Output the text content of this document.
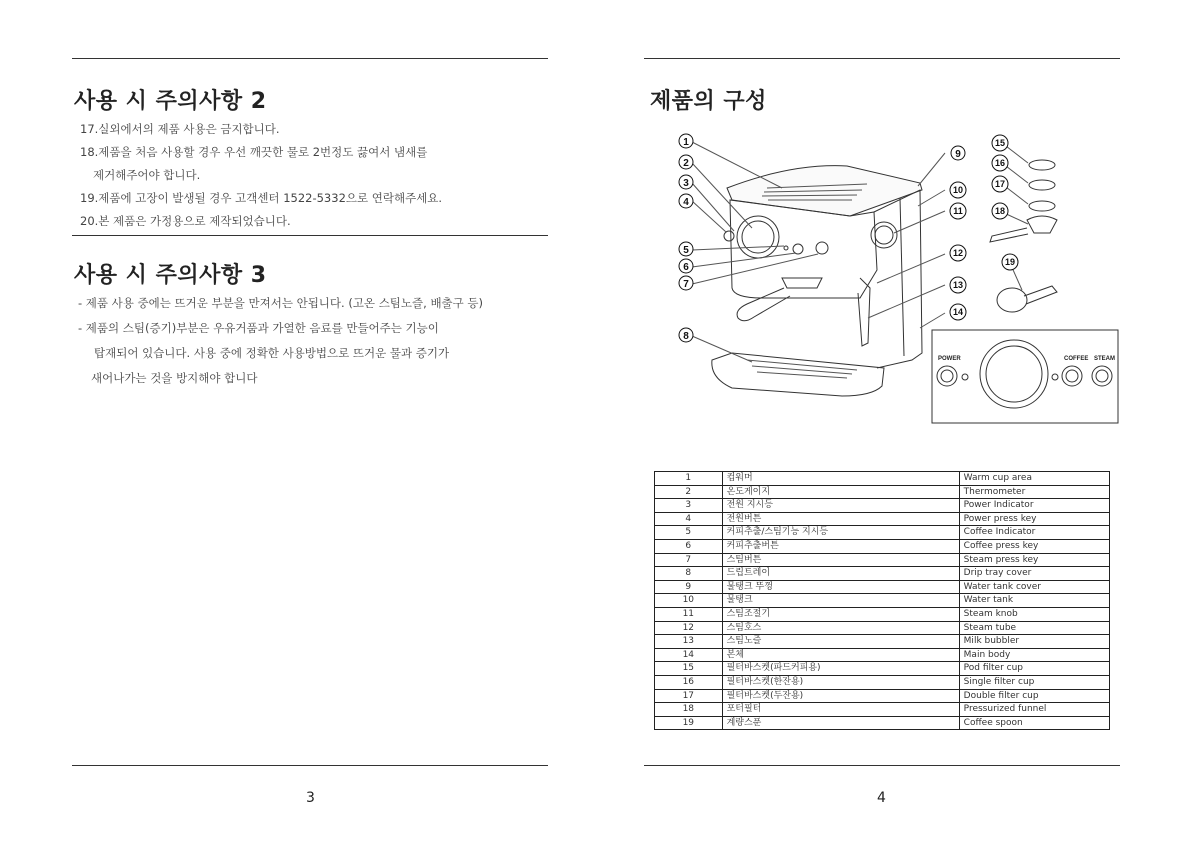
사용 시 주의사항 2
17.실외에서의 제품 사용은 금지합니다.
18.제품을 처음 사용할 경우 우선 깨끗한 물로 2번정도 끓여서 냄새를
제거해주어야 합니다.
19.제품에 고장이 발생될 경우 고객센터 1522-5332으로 연락해주세요.
20.본 제품은 가정용으로 제작되었습니다.
사용 시 주의사항 3
- 제품 사용 중에는 뜨거운 부분을 만져서는 안됩니다. (고온 스팀노즐, 배출구 등)
- 제품의 스팀(증기)부분은 우유거품과 가열한 음료를 만들어주는 기능이
탑재되어 있습니다. 사용 중에 정확한 사용방법으로 뜨거운 물과 증기가
새어나가는 것을 방지해야 합니다
3
제품의 구성
POWER	COFFEE STEAM
1
2
3
4
5
6
7
8
9
10
11
12
13
14
15
16
17
18
19
1	컵워머	Warm cup area
2	온도게이지	Thermometer
3	전원 지시등	Power Indicator
4	전원버튼	Power press key
5	커피추출/스팀기능 지시등	Coffee Indicator
6	커피추출버튼	Coffee press key
7	스팀버튼	Steam press key
8	드립트레이	Drip tray cover
9	물탱크 뚜껑	Water tank cover
10	물탱크	Water tank
11	스팀조절기	Steam knob
12	스팀호스	Steam tube
13	스팀노즐	Milk bubbler
14	본체	Main body
15	필터바스켓(파드커피용)	Pod filter cup
16	필터바스켓(한잔용)	Single filter cup
17	필터바스켓(두잔용)	Double filter cup
18	포터필터	Pressurized funnel
19	계량스푼	Coffee spoon
4
